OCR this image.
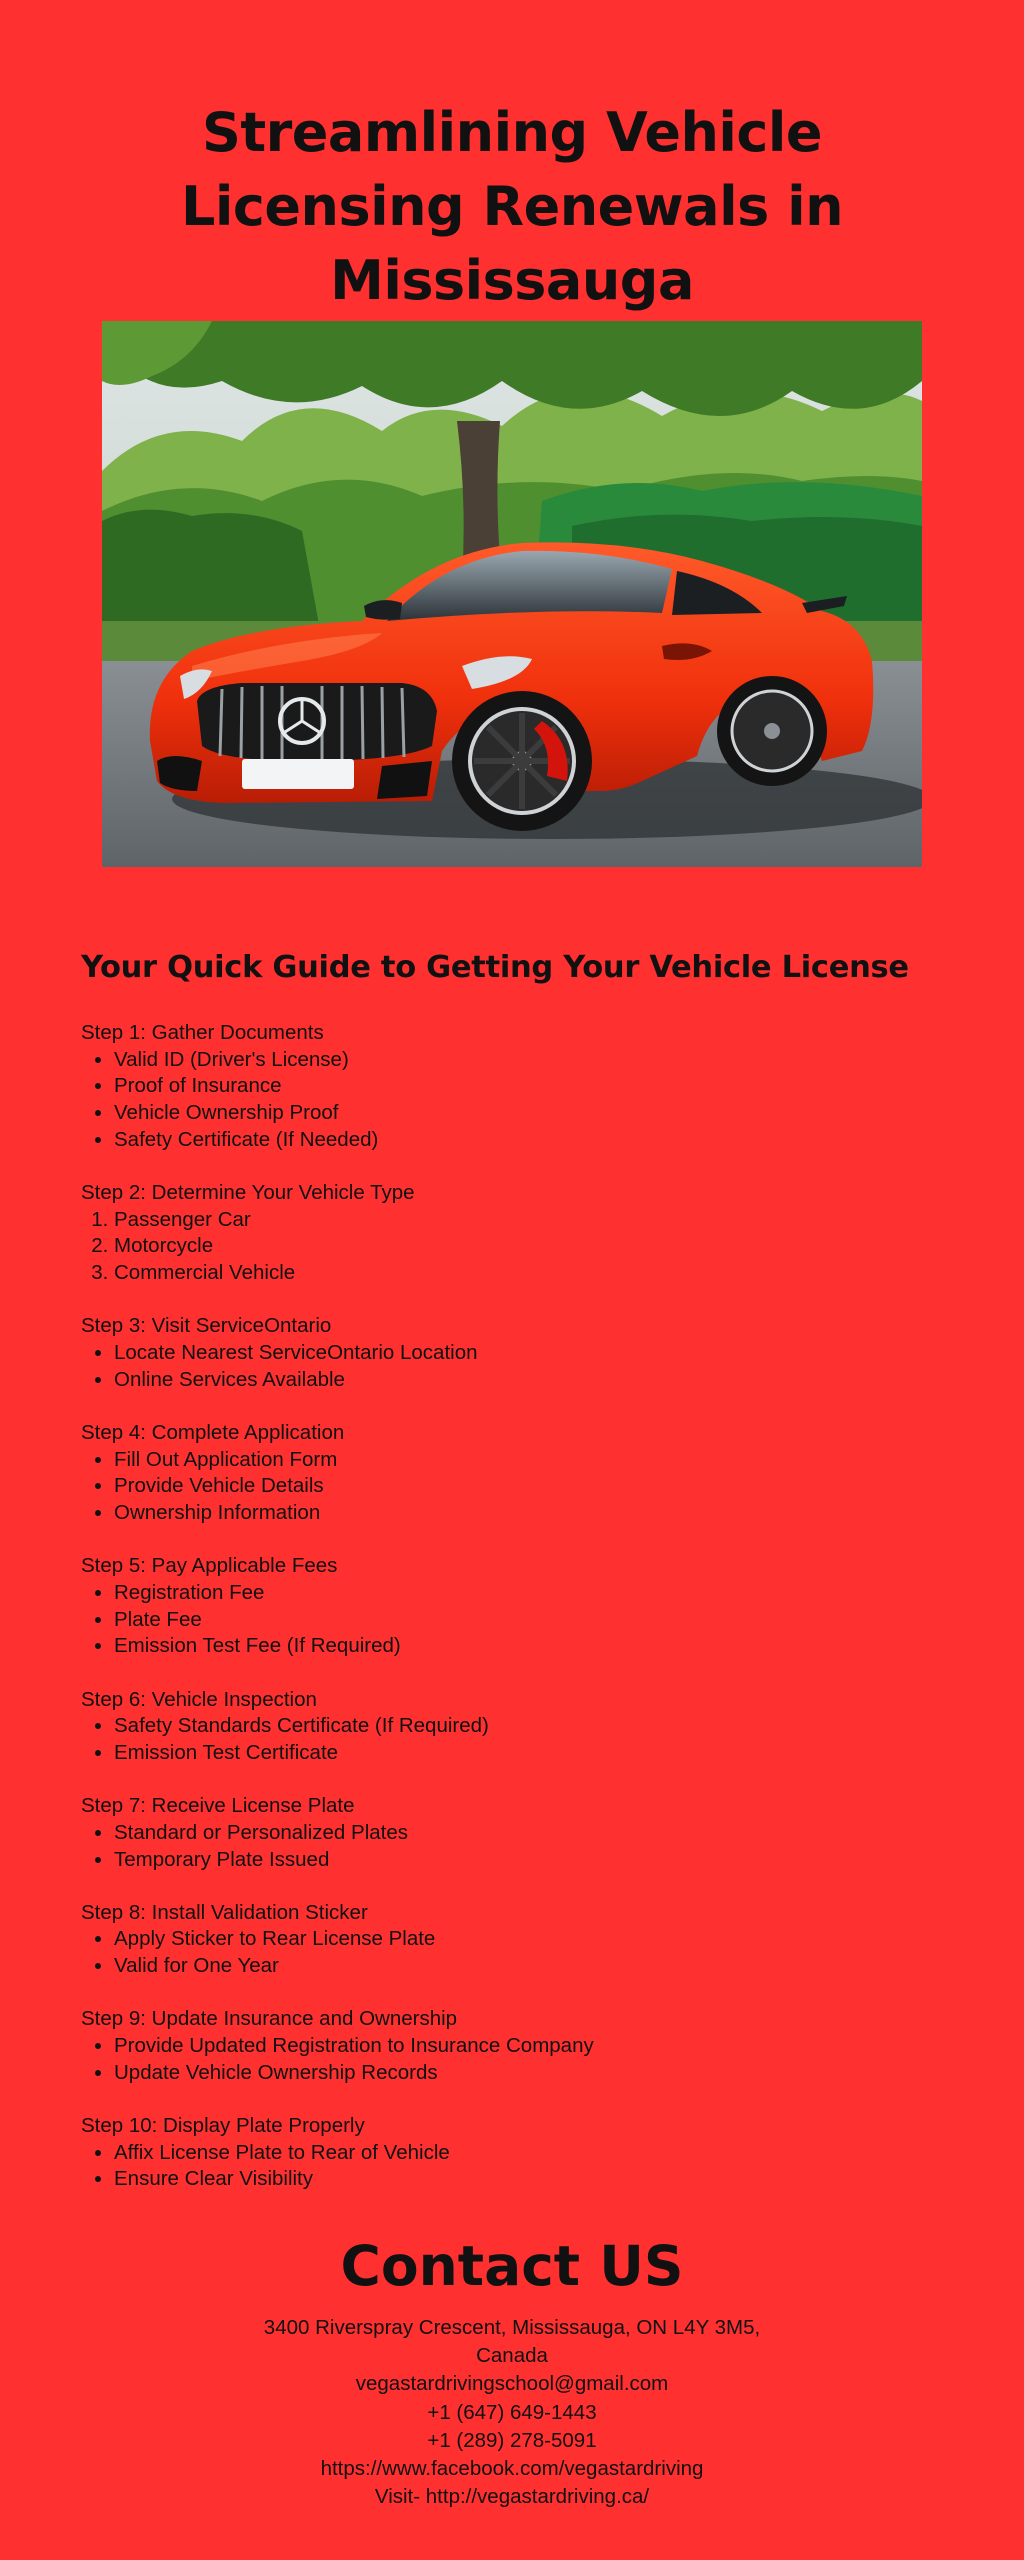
Streamlining Vehicle Licensing Renewals in Mississauga
Your Quick Guide to Getting Your Vehicle License
Step 1: Gather Documents
• Valid ID (Driver's License)
• Proof of Insurance
• Vehicle Ownership Proof
• Safety Certificate (If Needed)
Step 2: Determine Your Vehicle Type
1. Passenger Car
2. Motorcycle
3. Commercial Vehicle
Step 3: Visit ServiceOntario
• Locate Nearest ServiceOntario Location
• Online Services Available
Step 4: Complete Application
• Fill Out Application Form
• Provide Vehicle Details
• Ownership Information
Step 5: Pay Applicable Fees
• Registration Fee
• Plate Fee
• Emission Test Fee (If Required)
Step 6: Vehicle Inspection
• Safety Standards Certificate (If Required)
• Emission Test Certificate
Step 7: Receive License Plate
• Standard or Personalized Plates
• Temporary Plate Issued
Step 8: Install Validation Sticker
• Apply Sticker to Rear License Plate
• Valid for One Year
Step 9: Update Insurance and Ownership
• Provide Updated Registration to Insurance Company
• Update Vehicle Ownership Records
Step 10: Display Plate Properly
• Affix License Plate to Rear of Vehicle
• Ensure Clear Visibility
Contact US
3400 Riverspray Crescent, Mississauga, ON L4Y 3M5, Canada
vegastardrivingschool@gmail.com
+1 (647) 649-1443
+1 (289) 278-5091
https://www.facebook.com/vegastardriving
Visit- http://vegastardriving.ca/
